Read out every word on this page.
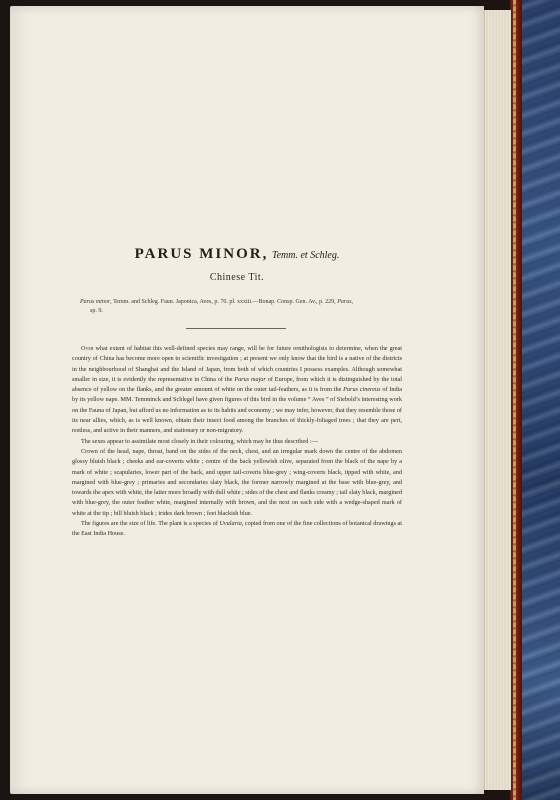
PARUS MINOR, Temm. et Schleg.
Chinese Tit.
Parus minor, Temm. and Schleg. Faun. Japonica, Aves, p. 70. pl. xxxiii.—Bonap. Consp. Gen. Av., p. 229, Parus,
sp. 9.

Over what extent of habitat this well-defined species may range, will be for future ornithologists to determine, when the great country of China has become more open to scientific investigation ; at present we only know that the bird is a native of the districts in the neighbourhood of Shanghai and the Island of Japan, from both of which countries I possess examples. Although somewhat smaller in size, it is evidently the representative in China of the Parus major of Europe, from which it is distinguished by the total absence of yellow on the flanks, and the greater amount of white on the outer tail-feathers, as it is from the Parus cinereus of India by its yellow nape. MM. Temminck and Schlegel have given figures of this bird in the volume “ Aves ” of Siebold’s interesting work on the Fauna of Japan, but afford us no information as to its habits and economy ; we may infer, however, that they resemble those of its near allies, which, as is well known, obtain their insect food among the branches of thickly-foliaged trees ; that they are pert, restless, and active in their manners, and stationary or non-migratory.

The sexes appear to assimilate most closely in their colouring, which may be thus described :—

Crown of the head, nape, throat, band on the sides of the neck, chest, and an irregular mark down the centre of the abdomen glossy bluish black ; cheeks and ear-coverts white ; centre of the back yellowish olive, separated from the black of the nape by a mark of white ; scapularies, lower part of the back, and upper tail-coverts blue-grey ; wing-coverts black, tipped with white, and margined with blue-grey ; primaries and secondaries slaty black, the former narrowly margined at the base with blue-grey, and towards the apex with white, the latter more broadly with dull white ; sides of the chest and flanks creamy ; tail slaty black, margined with blue-grey, the outer feather white, margined internally with brown, and the next on each side with a wedge-shaped mark of white at the tip ; bill bluish black ; irides dark brown ; feet blackish blue.

The figures are the size of life. The plant is a species of Uvularia, copied from one of the fine collections of botanical drawings at the East India House.
